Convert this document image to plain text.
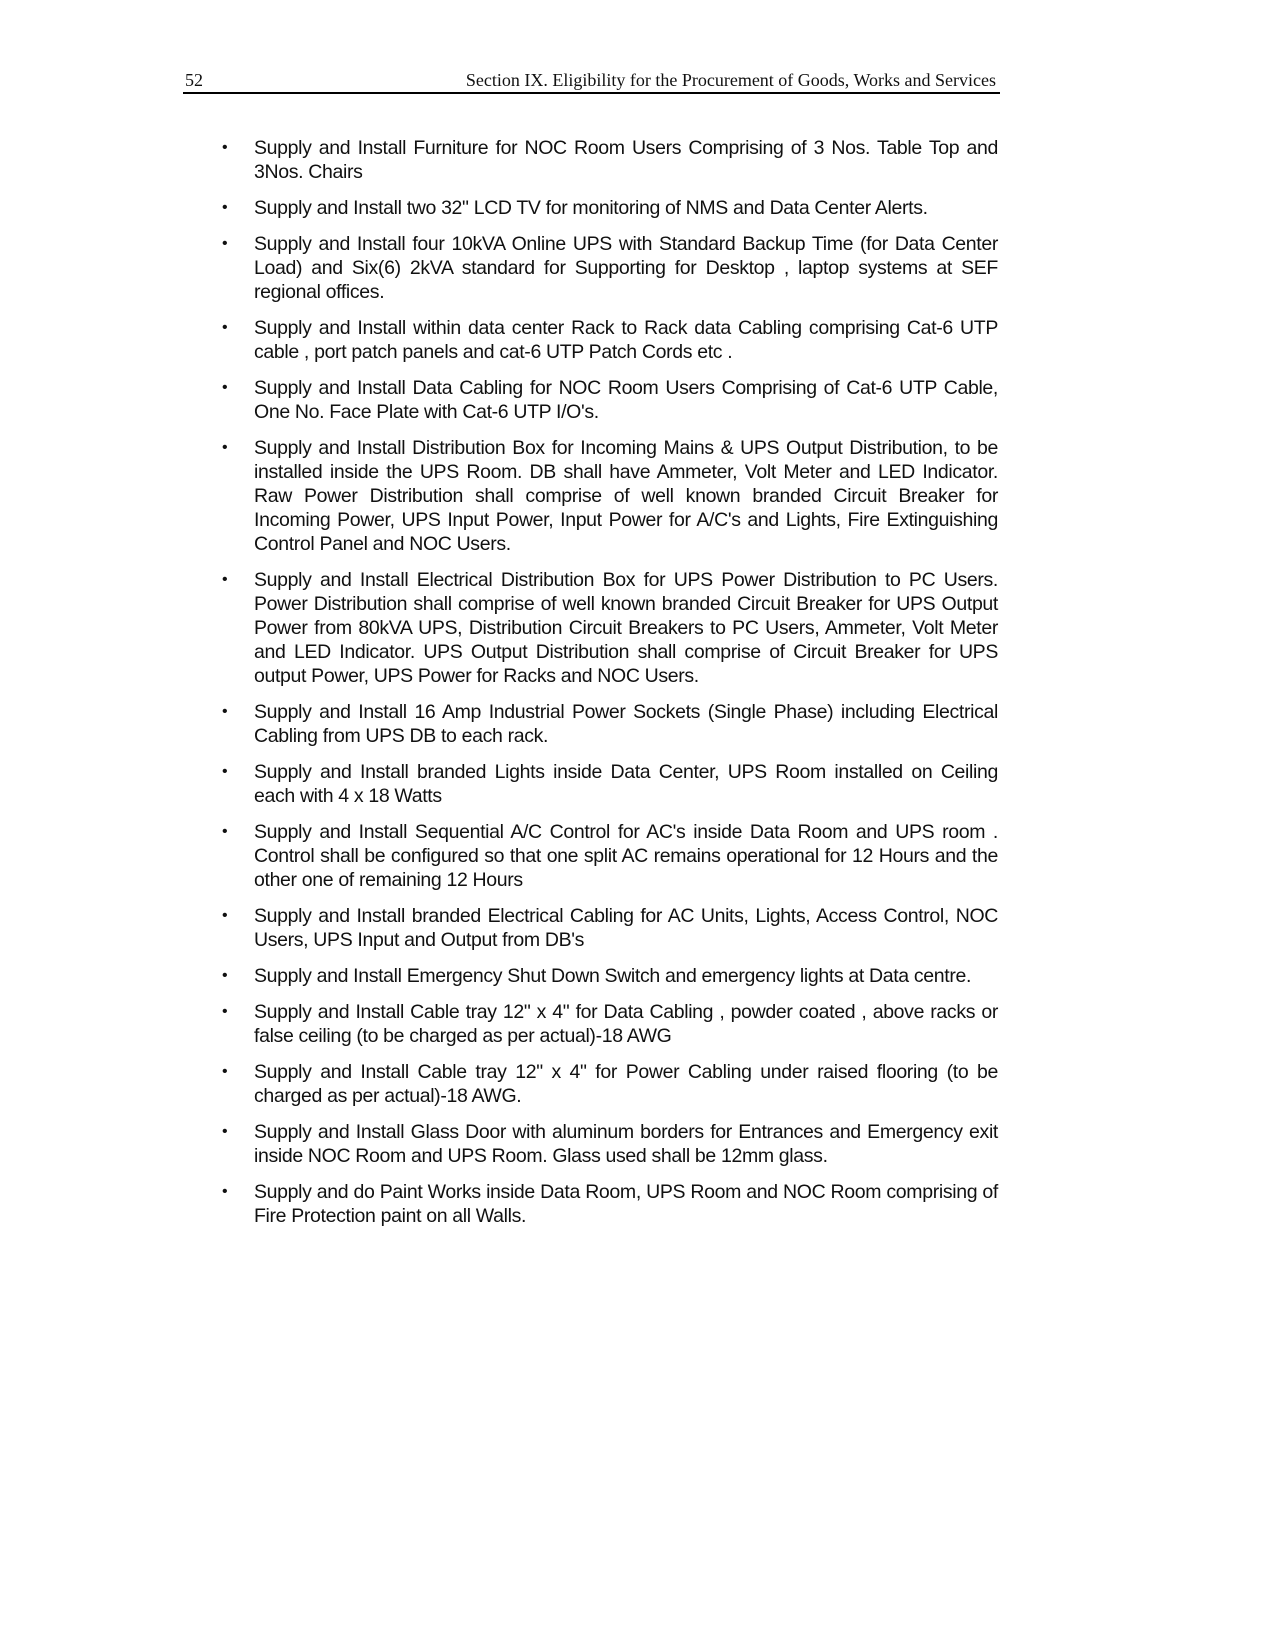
52	Section IX. Eligibility for the Procurement of Goods, Works and Services
• Supply and Install Furniture for NOC Room Users Comprising of 3 Nos. Table Top and 3Nos. Chairs
• Supply and Install two 32" LCD TV for monitoring of NMS and Data Center Alerts.
• Supply and Install four 10kVA Online UPS with Standard Backup Time (for Data Center Load) and Six(6) 2kVA standard for Supporting for Desktop , laptop systems at SEF regional offices.
• Supply and Install within data center Rack to Rack data Cabling comprising Cat-6 UTP cable , port patch panels and cat-6 UTP Patch Cords etc .
• Supply and Install Data Cabling for NOC Room Users Comprising of Cat-6 UTP Cable, One No. Face Plate with Cat-6 UTP I/O's.
• Supply and Install Distribution Box for Incoming Mains & UPS Output Distribution, to be installed inside the UPS Room. DB shall have Ammeter, Volt Meter and LED Indicator. Raw Power Distribution shall comprise of well known branded Circuit Breaker for Incoming Power, UPS Input Power, Input Power for A/C's and Lights, Fire Extinguishing Control Panel and NOC Users.
• Supply and Install Electrical Distribution Box for UPS Power Distribution to PC Users. Power Distribution shall comprise of well known branded Circuit Breaker for UPS Output Power from 80kVA UPS, Distribution Circuit Breakers to PC Users, Ammeter, Volt Meter and LED Indicator. UPS Output Distribution shall comprise of Circuit Breaker for UPS output Power, UPS Power for Racks and NOC Users.
• Supply and Install 16 Amp Industrial Power Sockets (Single Phase) including Electrical Cabling from UPS DB to each rack.
• Supply and Install branded Lights inside Data Center, UPS Room installed on Ceiling each with 4 x 18 Watts
• Supply and Install Sequential A/C Control for AC's inside Data Room and UPS room . Control shall be configured so that one split AC remains operational for 12 Hours and the other one of remaining 12 Hours
• Supply and Install branded Electrical Cabling for AC Units, Lights, Access Control, NOC Users, UPS Input and Output from DB's
• Supply and Install Emergency Shut Down Switch and emergency lights at Data centre.
• Supply and Install Cable tray 12" x 4" for Data Cabling , powder coated , above racks or false ceiling (to be charged as per actual)-18 AWG
• Supply and Install Cable tray 12" x 4" for Power Cabling under raised flooring (to be charged as per actual)-18 AWG.
• Supply and Install Glass Door with aluminum borders for Entrances and Emergency exit inside NOC Room and UPS Room. Glass used shall be 12mm glass.
• Supply and do Paint Works inside Data Room, UPS Room and NOC Room comprising of Fire Protection paint on all Walls.
